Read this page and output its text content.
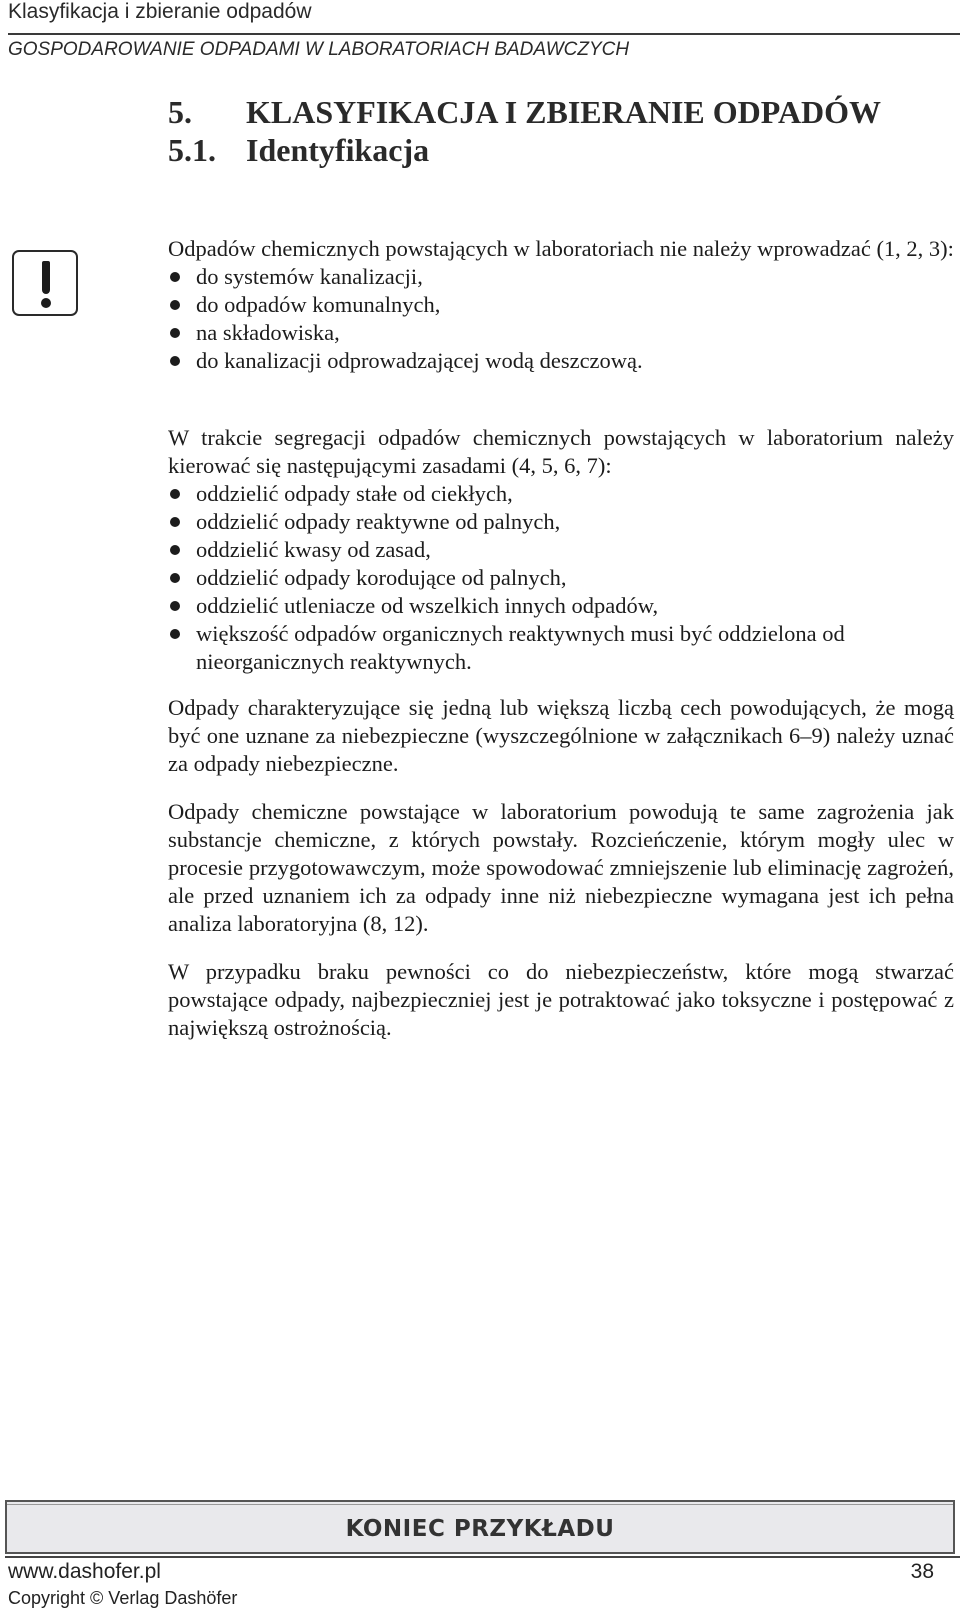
Klasyfikacja i zbieranie odpadów
GOSPODAROWANIE ODPADAMI W LABORATORIACH BADAWCZYCH
5. KLASYFIKACJA I ZBIERANIE ODPADÓW
5.1. Identyfikacja
Odpadów chemicznych powstających w laboratoriach nie należy wprowadzać (1, 2, 3):
do systemów kanalizacji,
do odpadów komunalnych,
na składowiska,
do kanalizacji odprowadzającej wodą deszczową.
W trakcie segregacji odpadów chemicznych powstających w laboratorium należy kierować się następującymi zasadami (4, 5, 6, 7):
oddzielić odpady stałe od ciekłych,
oddzielić odpady reaktywne od palnych,
oddzielić kwasy od zasad,
oddzielić odpady korodujące od palnych,
oddzielić utleniacze od wszelkich innych odpadów,
większość odpadów organicznych reaktywnych musi być oddzielona od nieorganicznych reaktywnych.
Odpady charakteryzujące się jedną lub większą liczbą cech powodujących, że mogą być one uznane za niebezpieczne (wyszczególnione w załącznikach 6–9) należy uznać za odpady niebezpieczne.
Odpady chemiczne powstające w laboratorium powodują te same zagrożenia jak substancje chemiczne, z których powstały. Rozcieńczenie, którym mogły ulec w procesie przygotowawczym, może spowodować zmniejszenie lub eliminację zagrożeń, ale przed uznaniem ich za odpady inne niż niebezpieczne wymagana jest ich pełna analiza laboratoryjna (8, 12).
W przypadku braku pewności co do niebezpieczeństw, które mogą stwarzać powstające odpady, najbezpieczniej jest je potraktować jako toksyczne i postępować z największą ostrożnością.
KONIEC PRZYKŁADU
www.dashofer.pl	38
Copyright © Verlag Dashöfer
